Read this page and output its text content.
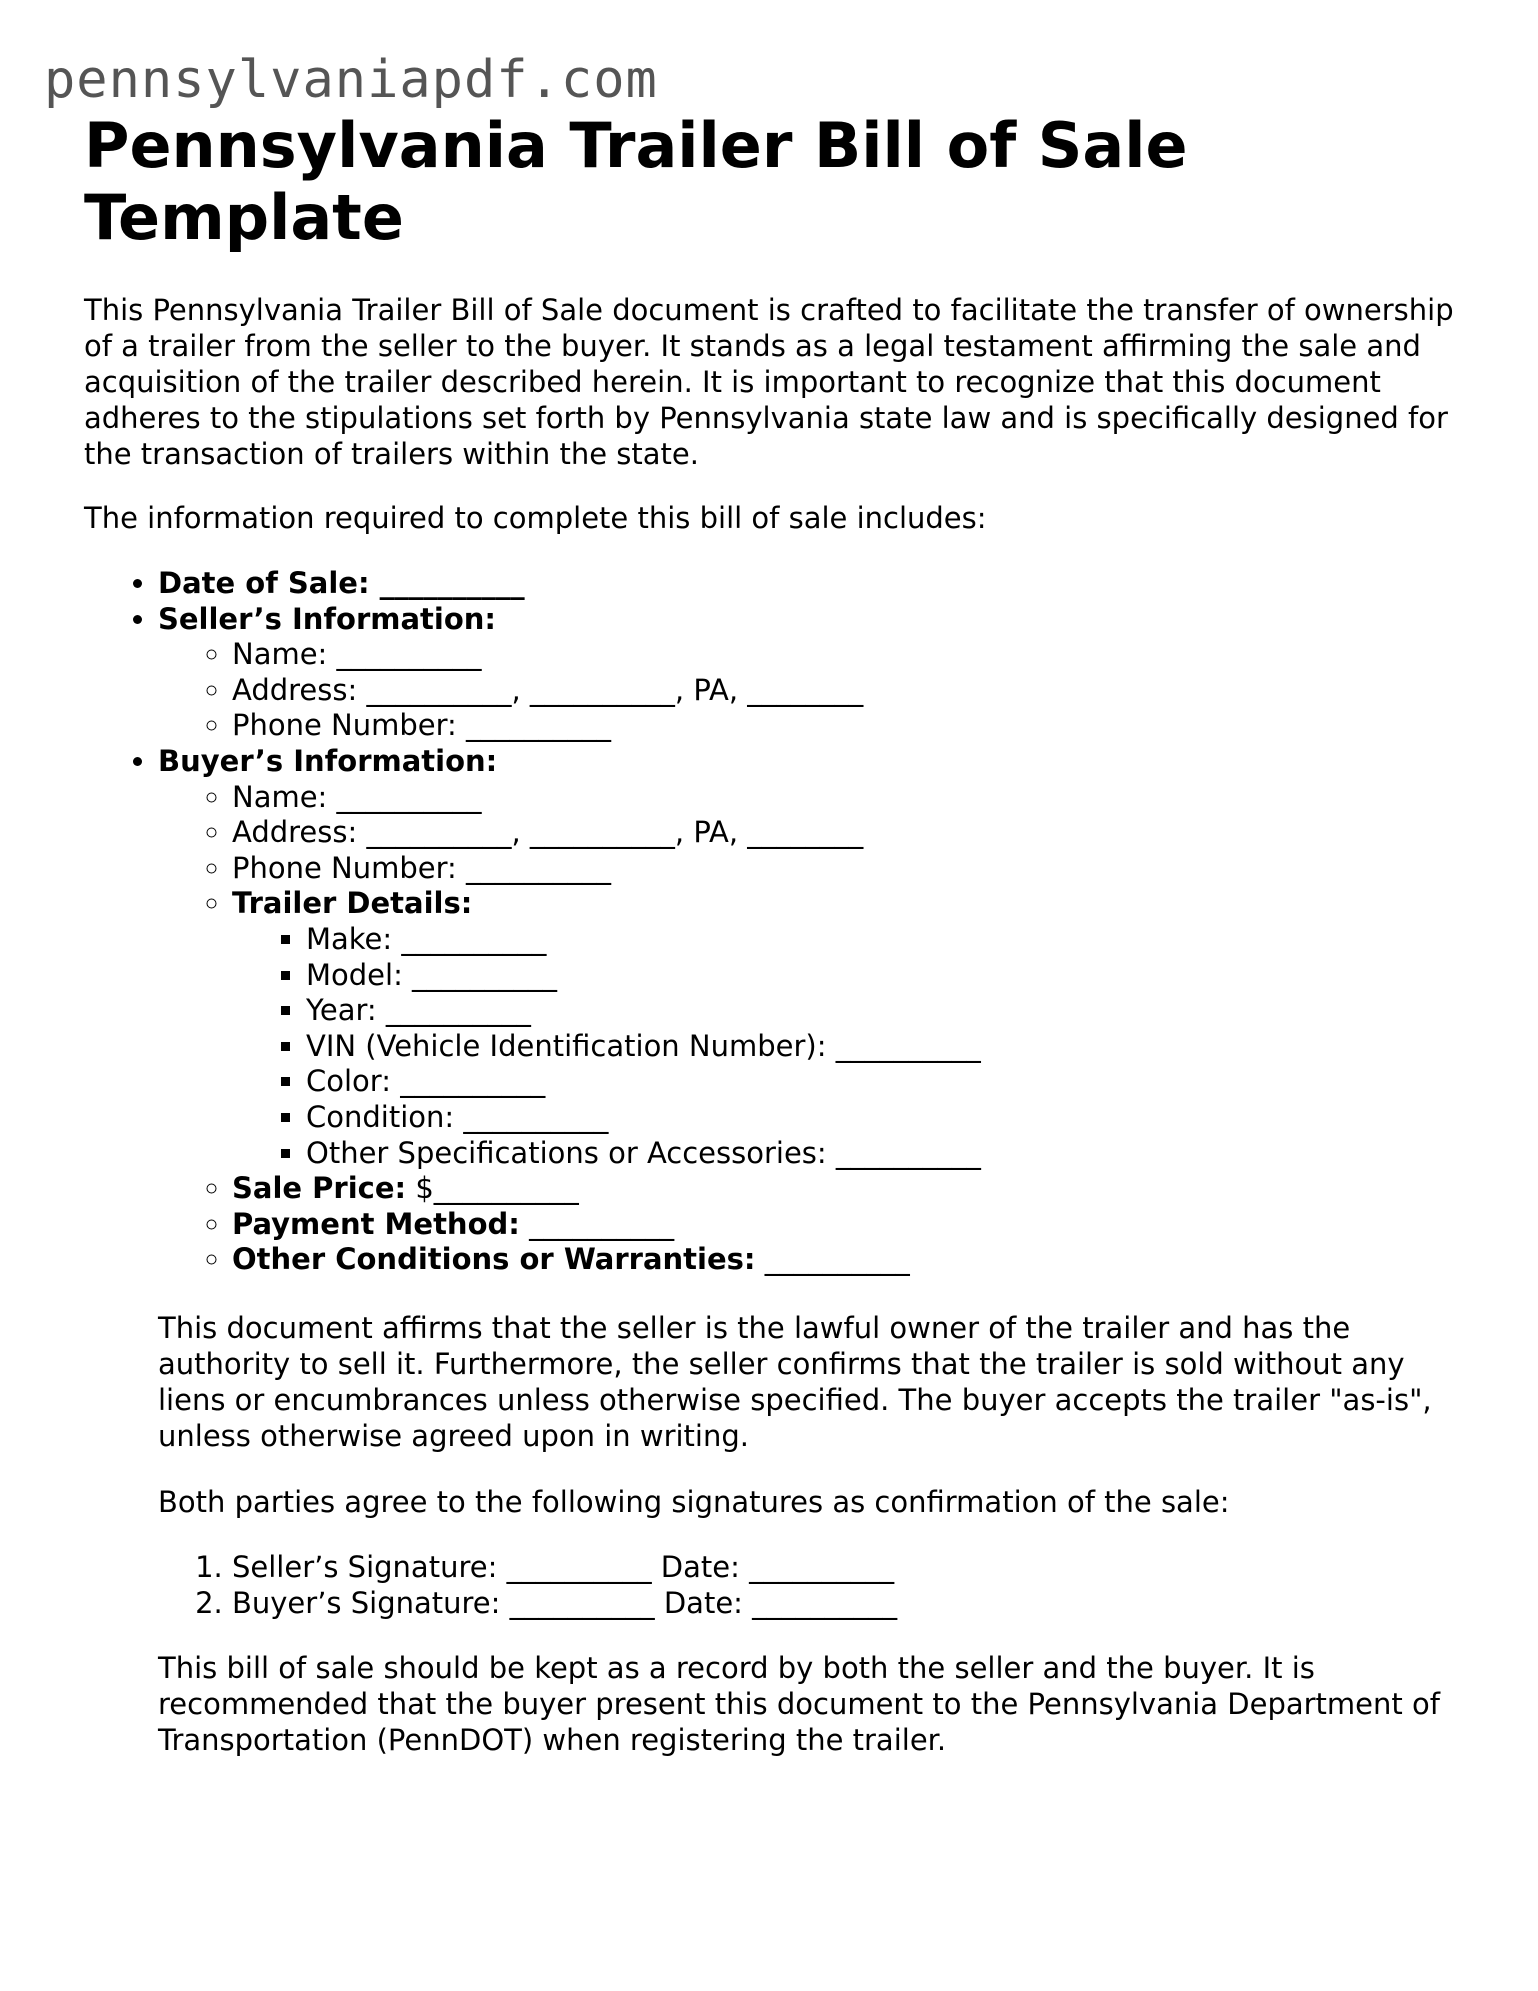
pennsylvaniapdf.com
Pennsylvania Trailer Bill of Sale Template

This Pennsylvania Trailer Bill of Sale document is crafted to facilitate the transfer of ownership of a trailer from the seller to the buyer. It stands as a legal testament affirming the sale and acquisition of the trailer described herein. It is important to recognize that this document adheres to the stipulations set forth by Pennsylvania state law and is specifically designed for the transaction of trailers within the state.

The information required to complete this bill of sale includes:

• Date of Sale: __________
• Seller’s Information:
◦ Name: __________
◦ Address: __________, __________, PA, ________
◦ Phone Number: __________
• Buyer’s Information:
◦ Name: __________
◦ Address: __________, __________, PA, ________
◦ Phone Number: __________
◦ Trailer Details:
▪ Make: __________
▪ Model: __________
▪ Year: __________
▪ VIN (Vehicle Identification Number): __________
▪ Color: __________
▪ Condition: __________
▪ Other Specifications or Accessories: __________
◦ Sale Price: $__________
◦ Payment Method: __________
◦ Other Conditions or Warranties: __________

This document affirms that the seller is the lawful owner of the trailer and has the authority to sell it. Furthermore, the seller confirms that the trailer is sold without any liens or encumbrances unless otherwise specified. The buyer accepts the trailer "as-is", unless otherwise agreed upon in writing.

Both parties agree to the following signatures as confirmation of the sale:

1. Seller’s Signature: __________ Date: __________
2. Buyer’s Signature: __________ Date: __________

This bill of sale should be kept as a record by both the seller and the buyer. It is recommended that the buyer present this document to the Pennsylvania Department of Transportation (PennDOT) when registering the trailer.
